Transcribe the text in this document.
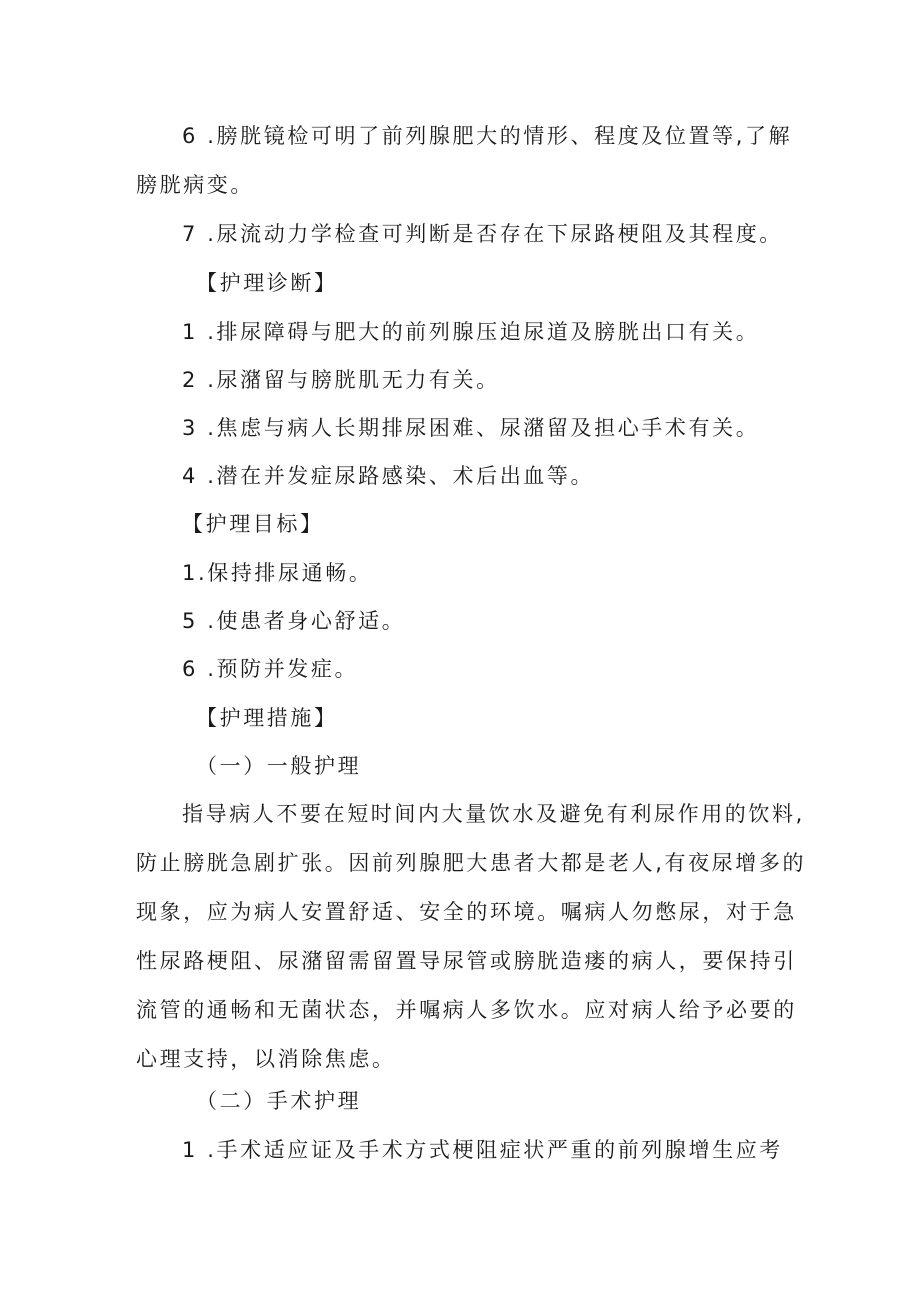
6 .膀胱镜检可明了前列腺肥大的情形、程度及位置等,了解
膀胱病变。
7 .尿流动力学检查可判断是否存在下尿路梗阻及其程度。
【护理诊断】
1 .排尿障碍与肥大的前列腺压迫尿道及膀胱出口有关。
2 .尿潴留与膀胱肌无力有关。
3 .焦虑与病人长期排尿困难、尿潴留及担心手术有关。
4 .潜在并发症尿路感染、术后出血等。
【护理目标】
1.保持排尿通畅。
5 .使患者身心舒适。
6 .预防并发症。
【护理措施】
（一）一般护理
指导病人不要在短时间内大量饮水及避免有利尿作用的饮料,
防止膀胱急剧扩张。因前列腺肥大患者大都是老人,有夜尿增多的
现象，应为病人安置舒适、安全的环境。嘱病人勿憋尿，对于急
性尿路梗阻、尿潴留需留置导尿管或膀胱造瘘的病人，要保持引
流管的通畅和无菌状态，并嘱病人多饮水。应对病人给予必要的
心理支持，以消除焦虑。
（二）手术护理
1 .手术适应证及手术方式梗阻症状严重的前列腺增生应考
